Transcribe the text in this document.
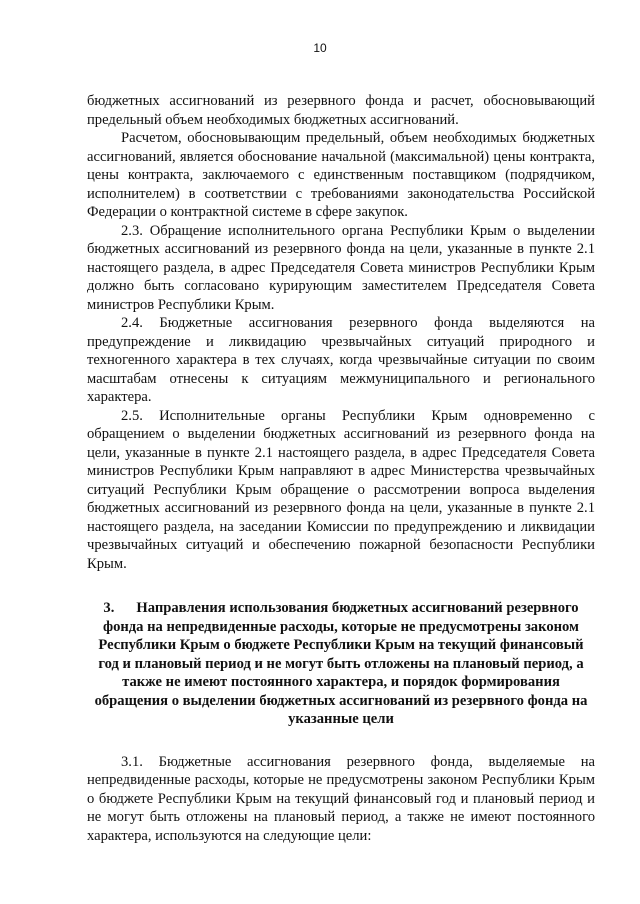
10

бюджетных ассигнований из резервного фонда и расчет, обосновывающий предельный объем необходимых бюджетных ассигнований.

Расчетом, обосновывающим предельный, объем необходимых бюджетных ассигнований, является обоснование начальной (максимальной) цены контракта, цены контракта, заключаемого с единственным поставщиком (подрядчиком, исполнителем) в соответствии с требованиями законодательства Российской Федерации о контрактной системе в сфере закупок.

2.3. Обращение исполнительного органа Республики Крым о выделении бюджетных ассигнований из резервного фонда на цели, указанные в пункте 2.1 настоящего раздела, в адрес Председателя Совета министров Республики Крым должно быть согласовано курирующим заместителем Председателя Совета министров Республики Крым.

2.4. Бюджетные ассигнования резервного фонда выделяются на предупреждение и ликвидацию чрезвычайных ситуаций природного и техногенного характера в тех случаях, когда чрезвычайные ситуации по своим масштабам отнесены к ситуациям межмуниципального и регионального характера.

2.5. Исполнительные органы Республики Крым одновременно с обращением о выделении бюджетных ассигнований из резервного фонда на цели, указанные в пункте 2.1 настоящего раздела, в адрес Председателя Совета министров Республики Крым направляют в адрес Министерства чрезвычайных ситуаций Республики Крым обращение о рассмотрении вопроса выделения бюджетных ассигнований из резервного фонда на цели, указанные в пункте 2.1 настоящего раздела, на заседании Комиссии по предупреждению и ликвидации чрезвычайных ситуаций и обеспечению пожарной безопасности Республики Крым.

3. Направления использования бюджетных ассигнований резервного фонда на непредвиденные расходы, которые не предусмотрены законом Республики Крым о бюджете Республики Крым на текущий финансовый год и плановый период и не могут быть отложены на плановый период, а также не имеют постоянного характера, и порядок формирования обращения о выделении бюджетных ассигнований из резервного фонда на указанные цели

3.1. Бюджетные ассигнования резервного фонда, выделяемые на непредвиденные расходы, которые не предусмотрены законом Республики Крым о бюджете Республики Крым на текущий финансовый год и плановый период и не могут быть отложены на плановый период, а также не имеют постоянного характера, используются на следующие цели:
